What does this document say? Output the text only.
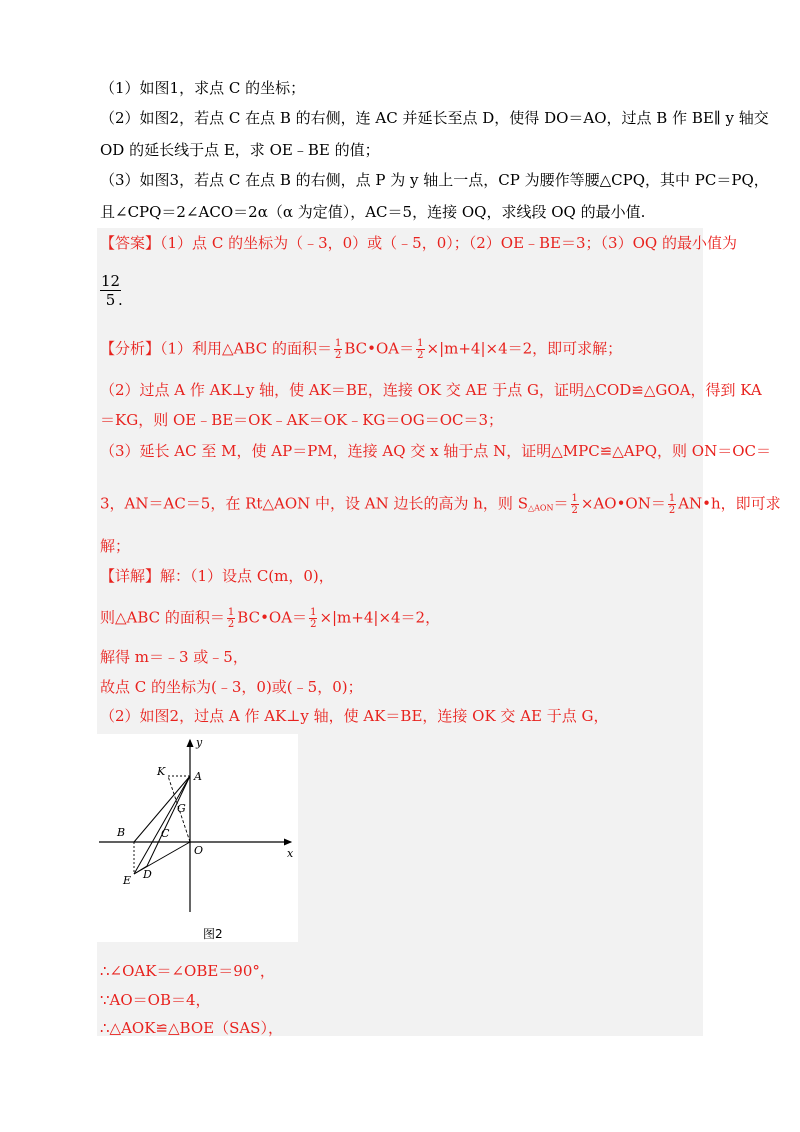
（1）如图1，求点 C 的坐标；
（2）如图2，若点 C 在点 B 的右侧，连 AC 并延长至点 D，使得 DO＝AO，过点 B 作 BE∥ y 轴交
OD 的延长线于点 E，求 OE﹣BE 的值；
（3）如图3，若点 C 在点 B 的右侧，点 P 为 y 轴上一点，CP 为腰作等腰△CPQ，其中 PC＝PQ，
且∠CPQ＝2∠ACO＝2α（α 为定值），AC＝5，连接 OQ，求线段 OQ 的最小值.
【答案】（1）点 C 的坐标为（﹣3，0）或（﹣5，0）；（2）OE﹣BE＝3；（3）OQ 的最小值为
$\frac{12}{5}$
.
【分析】（1）利用△ABC 的面积＝ $\frac{1}{2}$ BC•OA＝ $\frac{1}{2} \times|m+4|\times 4=2$，即可求解；
（2）过点 A 作 AK⊥y 轴，使 AK＝BE，连接 OK 交 AE 于点 G，证明△COD≌△GOA，得到 KA
＝KG，则 OE﹣BE＝OK﹣AK＝OK﹣KG＝OG＝OC＝3；
（3）延长 AC 至 M，使 AP＝PM，连接 AQ 交 x 轴于点 N，证明△MPC≌△APQ，则 ON＝OC＝
3，AN＝AC＝5，在 Rt△AON 中，设 AN 边长的高为 h，则 $S_{\triangle AON}= \frac{1}{2}$ ×AO•ON＝ $\frac{1}{2}$ AN•h，即可求
解；
【详解】解：（1）设点 C(m，0)，
则△ABC 的面积＝ $\frac{1}{2}$ BC•OA＝ $\frac{1}{2} \times|m+4|\times 4=2$，
解得 m＝﹣3 或﹣5，
故点 C 的坐标为(﹣3，0)或(﹣5，0)；
（2）如图2，过点 A 作 AK⊥y 轴，使 AK＝BE，连接 OK 交 AE 于点 G，
y
x
K	A
G
B	C
O
E D
图2
∴∠OAK＝∠OBE＝90°，
∵AO＝OB＝4，
∴△AOK≌△BOE（SAS），
